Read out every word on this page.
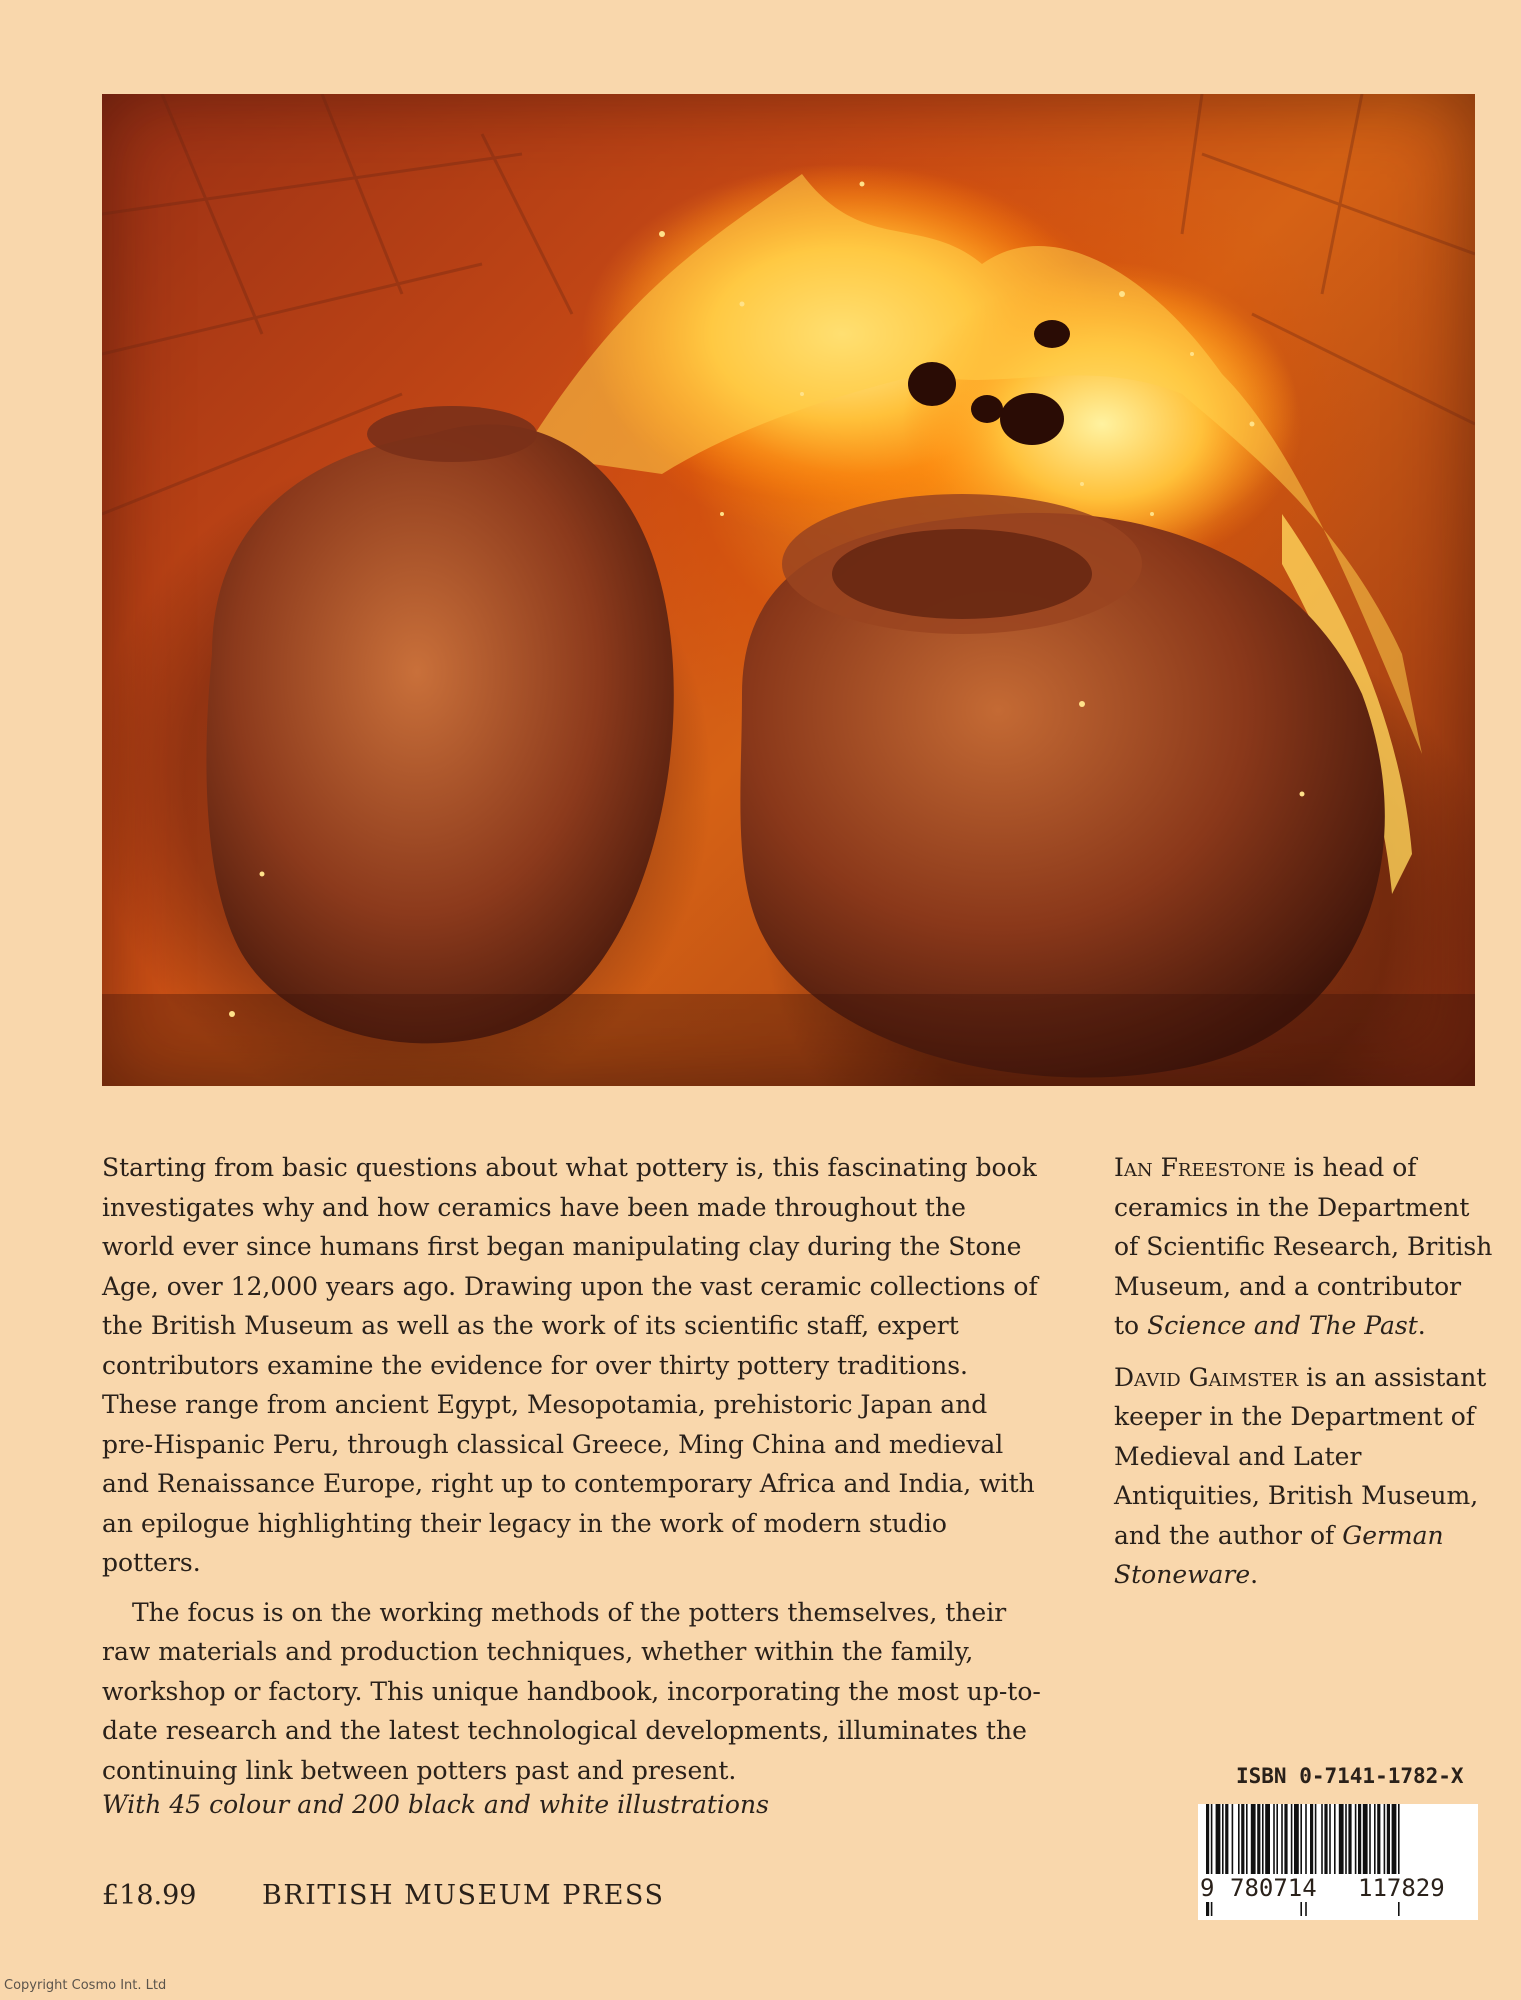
Starting from basic questions about what pottery is, this fascinating book investigates why and how ceramics have been made throughout the world ever since humans first began manipulating clay during the Stone Age, over 12,000 years ago. Drawing upon the vast ceramic collections of the British Museum as well as the work of its scientific staff, expert contributors examine the evidence for over thirty pottery traditions. These range from ancient Egypt, Mesopotamia, prehistoric Japan and pre-Hispanic Peru, through classical Greece, Ming China and medieval and Renaissance Europe, right up to contemporary Africa and India, with an epilogue highlighting their legacy in the work of modern studio potters.

The focus is on the working methods of the potters themselves, their raw materials and production techniques, whether within the family, workshop or factory. This unique handbook, incorporating the most up-to-date research and the latest technological developments, illuminates the continuing link between potters past and present.

Ian Freestone is head of ceramics in the Department of Scientific Research, British Museum, and a contributor to Science and The Past.

David Gaimster is an assistant keeper in the Department of Medieval and Later Antiquities, British Museum, and the author of German Stoneware.

With 45 colour and 200 black and white illustrations
£18.99 BRITISH MUSEUM PRESS
ISBN 0-7141-1782-X
9 780714 117829
Copyright Cosmo Int. Ltd
